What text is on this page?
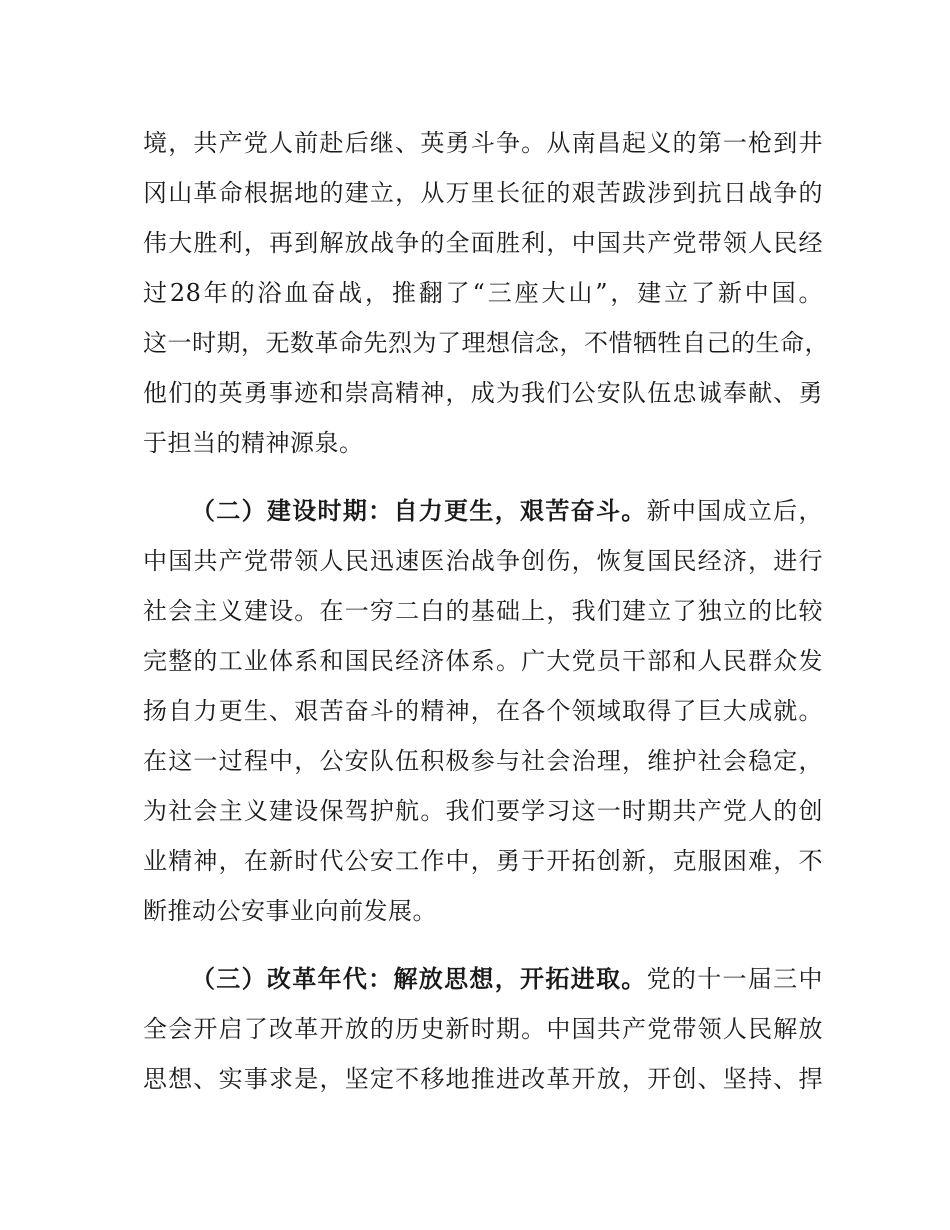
境，共产党人前赴后继、英勇斗争。从南昌起义的第一枪到井
冈山革命根据地的建立，从万里长征的艰苦跋涉到抗日战争的
伟大胜利，再到解放战争的全面胜利，中国共产党带领人民经
过28年的浴血奋战，推翻了“三座大山”，建立了新中国。
这一时期，无数革命先烈为了理想信念，不惜牺牲自己的生命，
他们的英勇事迹和崇高精神，成为我们公安队伍忠诚奉献、勇
于担当的精神源泉。
（二）建设时期：自力更生，艰苦奋斗。新中国成立后，
中国共产党带领人民迅速医治战争创伤，恢复国民经济，进行
社会主义建设。在一穷二白的基础上，我们建立了独立的比较
完整的工业体系和国民经济体系。广大党员干部和人民群众发
扬自力更生、艰苦奋斗的精神，在各个领域取得了巨大成就。
在这一过程中，公安队伍积极参与社会治理，维护社会稳定，
为社会主义建设保驾护航。我们要学习这一时期共产党人的创
业精神，在新时代公安工作中，勇于开拓创新，克服困难，不
断推动公安事业向前发展。
（三）改革年代：解放思想，开拓进取。党的十一届三中
全会开启了改革开放的历史新时期。中国共产党带领人民解放
思想、实事求是，坚定不移地推进改革开放，开创、坚持、捍
